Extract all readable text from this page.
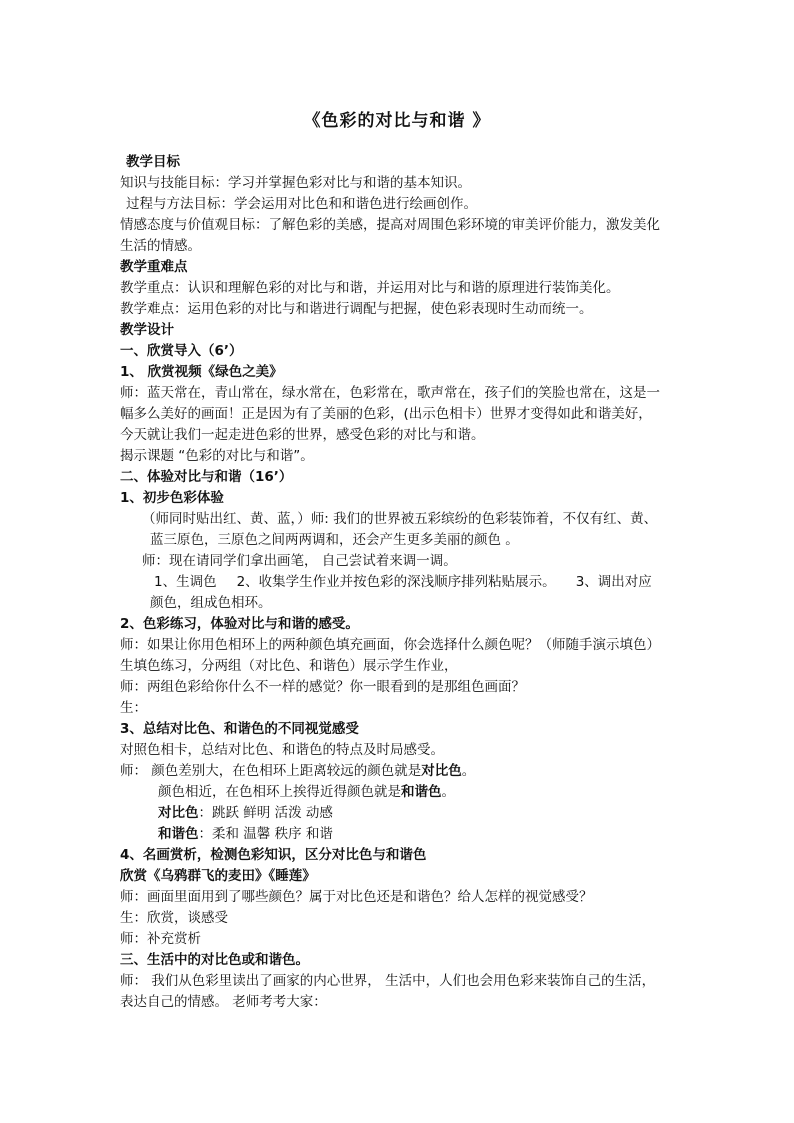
《色彩的对比与和谐 》
教学目标
知识与技能目标：学习并掌握色彩对比与和谐的基本知识。
过程与方法目标：学会运用对比色和和谐色进行绘画创作。
情感态度与价值观目标：了解色彩的美感，提高对周围色彩环境的审美评价能力，激发美化
生活的情感。
教学重难点
教学重点：认识和理解色彩的对比与和谐，并运用对比与和谐的原理进行装饰美化。
教学难点：运用色彩的对比与和谐进行调配与把握，使色彩表现时生动而统一。
教学设计
一、欣赏导入（6’）
1、 欣赏视频《绿色之美》
师：蓝天常在，青山常在，绿水常在，色彩常在，歌声常在，孩子们的笑脸也常在，这是一
幅多么美好的画面！正是因为有了美丽的色彩，(出示色相卡）世界才变得如此和谐美好，
今天就让我们一起走进色彩的世界，感受色彩的对比与和谐。
揭示课题 “色彩的对比与和谐”。
二、体验对比与和谐（16’）
1、初步色彩体验
（师同时贴出红、黄、蓝，）师: 我们的世界被五彩缤纷的色彩装饰着，不仅有红、黄、
蓝三原色，三原色之间两两调和，还会产生更多美丽的颜色 。
师：现在请同学们拿出画笔， 自己尝试着来调一调。
1、生调色 2、收集学生作业并按色彩的深浅顺序排列粘贴展示。 3、调出对应
颜色，组成色相环。
2、色彩练习，体验对比与和谐的感受。
师：如果让你用色相环上的两种颜色填充画面，你会选择什么颜色呢？（师随手演示填色）
生填色练习，分两组（对比色、和谐色）展示学生作业，
师：两组色彩给你什么不一样的感觉？你一眼看到的是那组色画面？
生：
3、总结对比色、和谐色的不同视觉感受
对照色相卡，总结对比色、和谐色的特点及时局感受。
师： 颜色差别大，在色相环上距离较远的颜色就是对比色。
颜色相近，在色相环上挨得近得颜色就是和谐色。
对比色：跳跃 鲜明 活泼 动感
和谐色：柔和 温馨 秩序 和谐
4、名画赏析，检测色彩知识，区分对比色与和谐色
欣赏《乌鸦群飞的麦田》《睡莲》
师：画面里面用到了哪些颜色？属于对比色还是和谐色？给人怎样的视觉感受？
生：欣赏，谈感受
师：补充赏析
三、生活中的对比色或和谐色。
师： 我们从色彩里读出了画家的内心世界， 生活中，人们也会用色彩来装饰自己的生活，
表达自己的情感。 老师考考大家：
